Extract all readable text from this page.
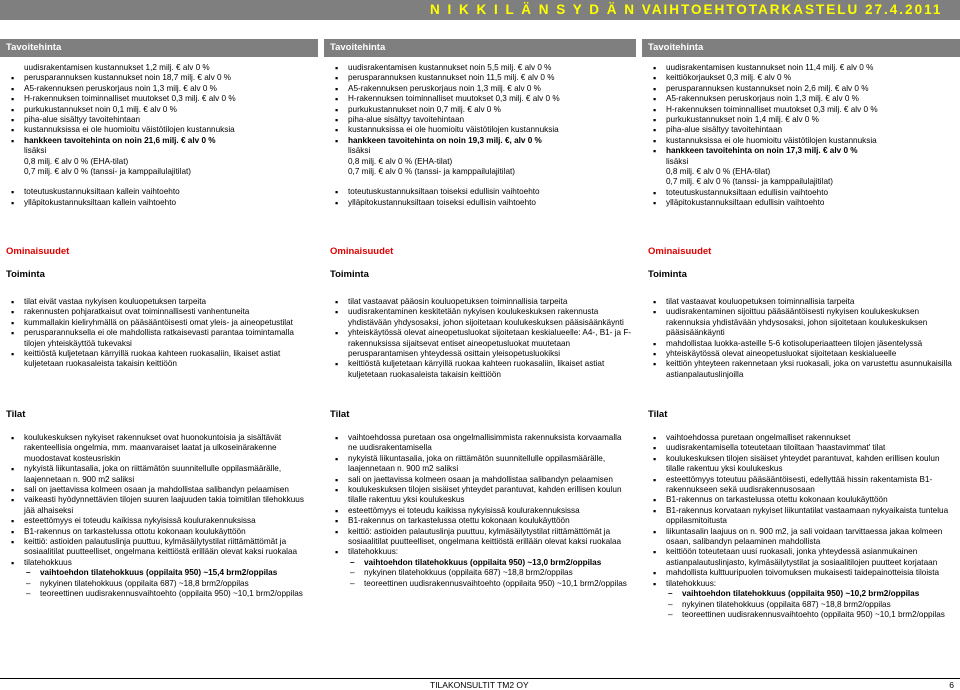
N I K K I L Ä N S Y D Ä N VAIHTOEHTOTARKASTELU 27.4.2011
Tavoitehinta
uudisrakentamisen kustannukset 1,2 milj. € alv 0 %
▪ perusparannuksen kustannukset noin 18,7 milj. € alv 0 %
▪ A5-rakennuksen peruskorjaus noin 1,3 milj. € alv 0 %
▪ H-rakennuksen toiminnalliset muutokset 0,3 milj. € alv 0 %
▪ purkukustannukset noin 0,1 milj. € alv 0 %
▪ piha-alue sisältyy tavoitehintaan
▪ kustannuksissa ei ole huomioitu väistötilojen kustannuksia
▪ hankkeen tavoitehinta on noin 21,6 milj. € alv 0 %
lisäksi
0,8 milj. € alv 0 % (EHA-tilat)
0,7 milj. € alv 0 % (tanssi- ja kamppailulajitilat)
▪ toteutuskustannuksiltaan kallein vaihtoehto
▪ ylläpitokustannuksiltaan kallein vaihtoehto
Ominaisuudet
Toiminta
▪ tilat eivät vastaa nykyisen kouluopetuksen tarpeita
▪ rakennusten pohjaratkaisut ovat toiminnallisesti vanhentuneita
▪ kummallakin kieliryhmällä on pääsääntöisesti omat yleis- ja aineopetustilat
▪ perusparannuksella ei ole mahdollista ratkaisevasti parantaa toimintamalla tilojen yhteiskäyttöä tukevaksi
▪ keittiöstä kuljetetaan kärryillä ruokaa kahteen ruokasaliin, likaiset astiat kuljetetaan ruokasaleista takaisin keittiöön
Tilat
▪ koulukeskuksen nykyiset rakennukset ovat huonokuntoisia ja sisältävät rakenteellisia ongelmia, mm. maanvaraiset laatat ja ulkoseinärakenne muodostavat kosteusriskin
▪ nykyistä liikuntasalia, joka on riittämätön suunnitellulle oppilasmäärälle, laajennetaan n. 900 m2 saliksi
▪ sali on jaettavissa kolmeen osaan ja mahdollistaa salibandyn pelaamisen
▪ vaikeasti hyödynnettävien tilojen suuren laajuuden takia toimitilan tilehokkuus jää alhaiseksi
▪ esteettömyys ei toteudu kaikissa nykyisissä koulurakennuksissa
▪ B1-rakennus on tarkastelussa ottotu kokonaan koulukäyttöön
▪ keittiö: astioiden palautuslinja puuttuu, kylmäsäilytystilat riittämättömät ja sosiaalitilat puutteelliset, ongelmana keittiöstä erillään olevat kaksi ruokalaa
▪ tilatehokkuus
– vaihtoehdon tilatehokkuus (oppilaita 950) ~15,4 brm2/oppilas
– nykyinen tilatehokkuus (oppilaita 687) ~18,8 brm2/oppilas
– teoreettinen uudisrakennusvaihtoehto (oppilaita 950) ~10,1 brm2/oppilas
Tavoitehinta
▪ uudisrakentamisen kustannukset noin 5,5 milj. € alv 0 %
▪ perusparannuksen kustannukset noin 11,5 milj. € alv 0 %
▪ A5-rakennuksen peruskorjaus noin 1,3 milj. € alv 0 %
▪ H-rakennuksen toiminnalliset muutokset 0,3 milj. € alv 0 %
▪ purkukustannukset noin 0,7 milj. € alv 0 %
▪ piha-alue sisältyy tavoitehintaan
▪ kustannuksissa ei ole huomioitu väistötilojen kustannuksia
▪ hankkeen tavoitehinta on noin 19,3 milj. €, alv 0 %
lisäksi
0,8 milj. € alv 0 % (EHA-tilat)
0,7 milj. € alv 0 % (tanssi- ja kamppailulajitilat)
▪ toteutuskustannuksiltaan toiseksi edullisin vaihtoehto
▪ ylläpitokustannuksiltaan toiseksi edullisin vaihtoehto
Ominaisuudet
Toiminta
▪ tilat vastaavat pääosin kouluopetuksen toiminnallisia tarpeita
▪ uudisrakentaminen keskitetään nykyisen koulukeskuksen rakennusta yhdistävään yhdysosaksi, johon sijoitetaan koulukeskuksen pääsisäänkäynti
▪ yhteiskäytössä olevat aineopetusluokat sijoitetaan keskialueelle: A4-, B1- ja F-rakennuksissa sijaitsevat entiset aineopetusluokat muutetaan perusparantamisen yhteydessä osittain yleisopetusluokiksi
▪ keittiöstä kuljetetaan kärryillä ruokaa kahteen ruokasaliin, likaiset astiat kuljetetaan ruokasaleista takaisin keittiöön
Tilat
▪ vaihtoehdossa puretaan osa ongelmallisimmista rakennuksista korvaamalla ne uudisrakentamisella
▪ nykyistä liikuntasalia, joka on riittämätön suunnitellulle oppilasmäärälle, laajennetaan n. 900 m2 saliksi
▪ sali on jaettavissa kolmeen osaan ja mahdollistaa salibandyn pelaamisen
▪ koulukeskuksen tilojen sisäiset yhteydet parantuvat, kahden erillisen koulun tilalle rakentuu yksi koulukeskus
▪ esteettömyys ei toteudu kaikissa nykyisissä koulurakennuksissa
▪ B1-rakennus on tarkastelussa otettu kokonaan koulukäyttöön
▪ keittiö: astioiden palautuslinja puuttuu, kylmäsäilytystilat riittämättömät ja sosiaalitilat puutteelliset, ongelmana keittiöstä erillään olevat kaksi ruokalaa
▪ tilatehokkuus:
– vaihtoehdon tilatehokkuus (oppilaita 950) ~13,0 brm2/oppilas
– nykyinen tilatehokkuus (oppilaita 687) ~18,8 brm2/oppilas
– teoreettinen uudisrakennusvaihtoehto (oppilaita 950) ~10,1 brm2/oppilas
Tavoitehinta
▪ uudisrakentamisen kustannukset noin 11,4 milj. € alv 0 %
▪ keittiökorjaukset 0,3 milj. € alv 0 %
▪ perusparannuksen kustannukset noin 2,6 milj. € alv 0 %
▪ A5-rakennuksen peruskorjaus noin 1,3 milj. € alv 0 %
▪ H-rakennuksen toiminnalliset muutokset 0,3 milj. € alv 0 %
▪ purkukustannukset noin 1,4 milj. € alv 0 %
▪ piha-alue sisältyy tavoitehintaan
▪ kustannuksissa ei ole huomioitu väistötilojen kustannuksia
▪ hankkeen tavoitehinta on noin 17,3 milj. € alv 0 %
lisäksi
0,8 milj. € alv 0 % (EHA-tilat)
0,7 milj. € alv 0 % (tanssi- ja kamppailulajitilat)
▪ toteutuskustannuksiltaan edullisin vaihtoehto
▪ ylläpitokustannuksiltaan edullisin vaihtoehto
Ominaisuudet
Toiminta
▪ tilat vastaavat kouluopetuksen toiminnallisia tarpeita
▪ uudisrakentaminen sijoittuu pääsääntöisesti nykyisen koulukeskuksen rakennuksia yhdistävään yhdysosaksi, johon sijoitetaan koulukeskuksen pääsisäänkäynti
▪ mahdollistaa luokka-asteille 5-6 kotisoluperiaatteen tilojen jäsentelyssä
▪ yhteiskäytössä olevat aineopetusluokat sijoitetaan keskialueelle
▪ keittiön yhteyteen rakennetaan yksi ruokasali, joka on varustettu asunnukaisilla astianpalautuslinjoilla
Tilat
▪ vaihtoehdossa puretaan ongelmalliset rakennukset
▪ uudisrakentamisella toteutetaan tiloiltaan 'haastavimmat' tilat
▪ koulukeskuksen tilojen sisäiset yhteydet parantuvat, kahden erillisen koulun tilalle rakentuu yksi koulukeskus
▪ esteettömyys toteutuu pääsääntöisesti, edellyttää hissin rakentamista B1-rakennukseen sekä uudisrakennusosaan
▪ B1-rakennus on tarkastelussa otettu kokonaan koulukäyttöön
▪ B1-rakennus korvataan nykyiset liikuntatilat vastaamaan nykyaikaista tuntelua oppilasmitoitusta
▪ liikuntasalin laajuus on n. 900 m2, ja sali voidaan tarvittaessa jakaa kolmeen osaan, salibandyn pelaaminen mahdollista
▪ keittiöön toteutetaan uusi ruokasali, jonka yhteydessä asianmukainen astianpalautuslinjasto, kylmäsäilytystilat ja sosiaalitilojen puutteet korjataan
▪ mahdollista kulttuuripuolen toivomuksen mukaisesti taidepainotteisia tiloista
▪ tilatehokkuus:
– vaihtoehdon tilatehokkuus (oppilaita 950) ~10,2 brm2/oppilas
– nykyinen tilatehokkuus (oppilaita 687) ~18,8 brm2/oppilas
– teoreettinen uudisrakennusvaihtoehto (oppilaita 950) ~10,1 brm2/oppilas
TILAKONSULTIT TM2 OY	6
